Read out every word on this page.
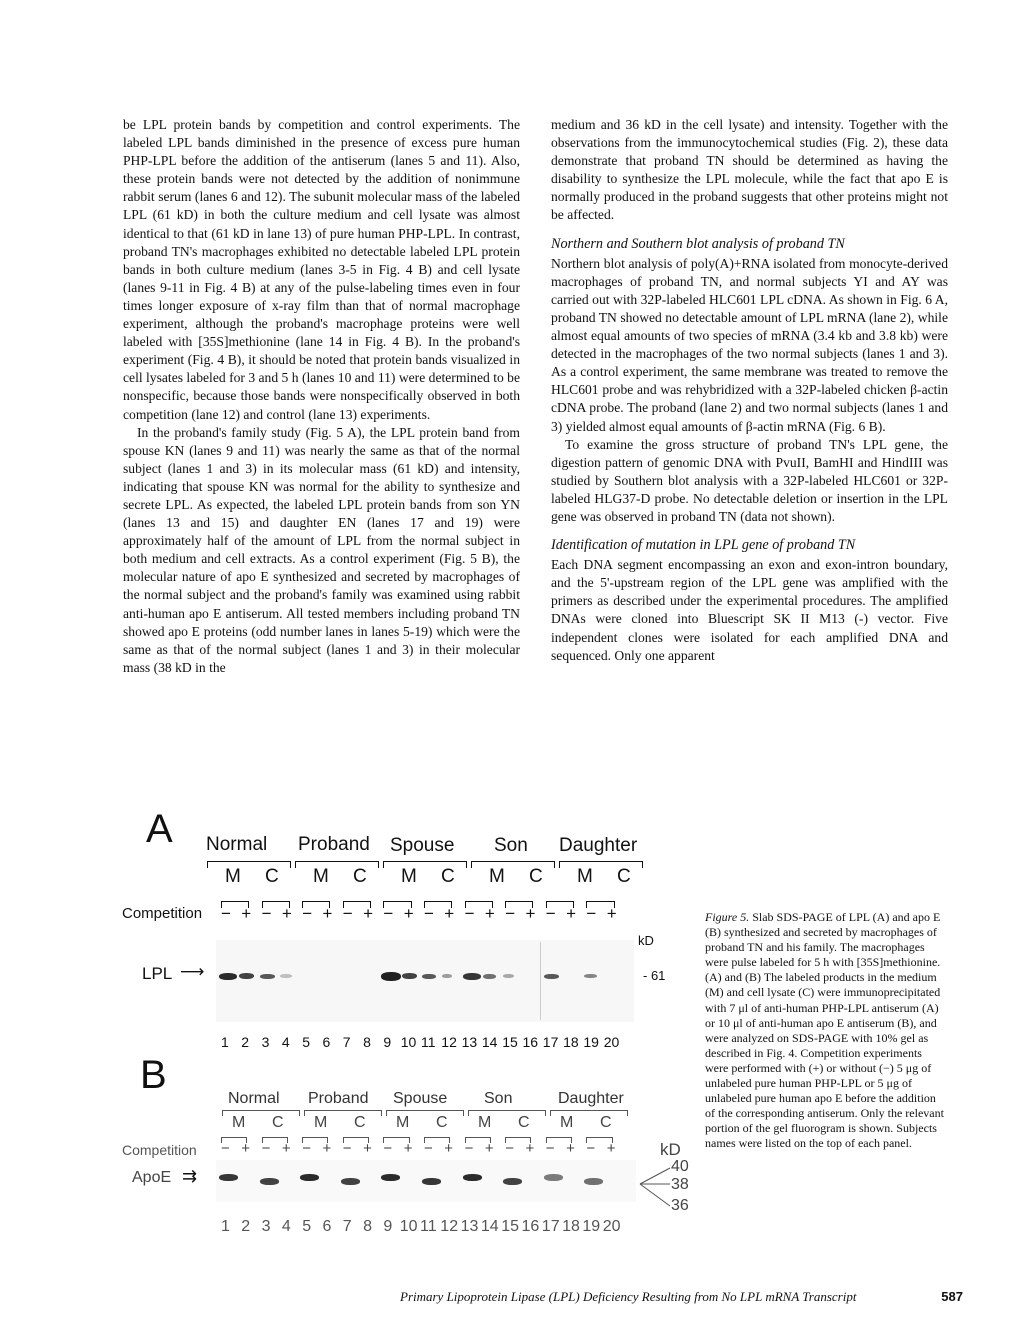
be LPL protein bands by competition and control experiments. The labeled LPL bands diminished in the presence of excess pure human PHP-LPL before the addition of the antiserum (lanes 5 and 11). Also, these protein bands were not detected by the addition of nonimmune rabbit serum (lanes 6 and 12). The subunit molecular mass of the labeled LPL (61 kD) in both the culture medium and cell lysate was almost identical to that (61 kD in lane 13) of pure human PHP-LPL. In contrast, proband TN's macrophages exhibited no detectable labeled LPL protein bands in both culture medium (lanes 3-5 in Fig. 4 B) and cell lysate (lanes 9-11 in Fig. 4 B) at any of the pulse-labeling times even in four times longer exposure of x-ray film than that of normal macrophage experiment, although the proband's macrophage proteins were well labeled with [35S]methionine (lane 14 in Fig. 4 B). In the proband's experiment (Fig. 4 B), it should be noted that protein bands visualized in cell lysates labeled for 3 and 5 h (lanes 10 and 11) were determined to be nonspecific, because those bands were nonspecifically observed in both competition (lane 12) and control (lane 13) experiments.

In the proband's family study (Fig. 5 A), the LPL protein band from spouse KN (lanes 9 and 11) was nearly the same as that of the normal subject (lanes 1 and 3) in its molecular mass (61 kD) and intensity, indicating that spouse KN was normal for the ability to synthesize and secrete LPL. As expected, the labeled LPL protein bands from son YN (lanes 13 and 15) and daughter EN (lanes 17 and 19) were approximately half of the amount of LPL from the normal subject in both medium and cell extracts. As a control experiment (Fig. 5 B), the molecular nature of apo E synthesized and secreted by macrophages of the normal subject and the proband's family was examined using rabbit anti-human apo E antiserum. All tested members including proband TN showed apo E proteins (odd number lanes in lanes 5-19) which were the same as that of the normal subject (lanes 1 and 3) in their molecular mass (38 kD in the

medium and 36 kD in the cell lysate) and intensity. Together with the observations from the immunocytochemical studies (Fig. 2), these data demonstrate that proband TN should be determined as having the disability to synthesize the LPL molecule, while the fact that apo E is normally produced in the proband suggests that other proteins might not be affected.

Northern and Southern blot analysis of proband TN

Northern blot analysis of poly(A)+RNA isolated from monocyte-derived macrophages of proband TN, and normal subjects YI and AY was carried out with 32P-labeled HLC601 LPL cDNA. As shown in Fig. 6 A, proband TN showed no detectable amount of LPL mRNA (lane 2), while almost equal amounts of two species of mRNA (3.4 kb and 3.8 kb) were detected in the macrophages of the two normal subjects (lanes 1 and 3). As a control experiment, the same membrane was treated to remove the HLC601 probe and was rehybridized with a 32P-labeled chicken β-actin cDNA probe. The proband (lane 2) and two normal subjects (lanes 1 and 3) yielded almost equal amounts of β-actin mRNA (Fig. 6 B).

To examine the gross structure of proband TN's LPL gene, the digestion pattern of genomic DNA with PvuII, BamHI and HindIII was studied by Southern blot analysis with a 32P-labeled HLC601 or 32P-labeled HLG37-D probe. No detectable deletion or insertion in the LPL gene was observed in proband TN (data not shown).

Identification of mutation in LPL gene of proband TN

Each DNA segment encompassing an exon and exon-intron boundary, and the 5'-upstream region of the LPL gene was amplified with the primers as described under the experimental procedures. The amplified DNAs were cloned into Bluescript SK II M13 (-) vector. Five independent clones were isolated for each amplified DNA and sequenced. Only one apparent

A Normal Proband Spouse Son Daughter
M C M C M C M C M C
Competition − + − + − + − + − + − + − + − + − + − +
kD
LPL ⟶	- 61
1 2 3 4 5 6 7 8 9 10 11 12 13 14 15 16 17 18 19 20
B
Normal Proband Spouse Son	Daughter
M C M C M C M C M C
Competition − + − + − + − + − + − + − + − + − + − +
ApoE ⇉
kD
40
38
36
1 2 3 4 5 6 7 8 9 10 11 12 13 14 15 16 17 18 19 20
Figure 5. Slab SDS-PAGE of LPL (A) and apo E (B) synthesized and secreted by macrophages of proband TN and his family. The macrophages were pulse labeled for 5 h with [35S]methionine. (A) and (B) The labeled products in the medium (M) and cell lysate (C) were immunoprecipitated with 7 μl of anti-human PHP-LPL antiserum (A) or 10 μl of anti-human apo E antiserum (B), and were analyzed on SDS-PAGE with 10% gel as described in Fig. 4. Competition experiments were performed with (+) or without (−) 5 μg of unlabeled pure human PHP-LPL or 5 μg of unlabeled pure human apo E before the addition of the corresponding antiserum. Only the relevant portion of the gel fluorogram is shown. Subjects names were listed on the top of each panel.
Primary Lipoprotein Lipase (LPL) Deficiency Resulting from No LPL mRNA Transcript	587
